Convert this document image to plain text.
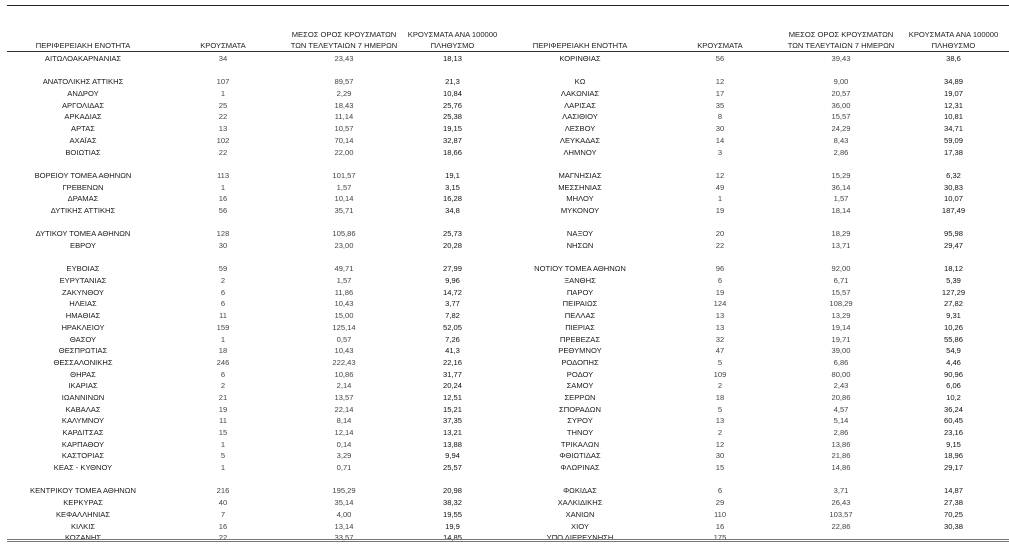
ΠΕΡΙΦΕΡΕΙΑΚΗ ΕΝΟΤΗΤΑ	ΚΡΟΥΣΜΑΤΑ
ΜΕΣΟΣ ΟΡΟΣ ΚΡΟΥΣΜΑΤΩΝ
ΤΩΝ ΤΕΛΕΥΤΑΙΩΝ 7 ΗΜΕΡΩΝ
ΚΡΟΥΣΜΑΤΑ ΑΝΑ 100000
ΠΛΗΘΥΣΜΟ
ΑΙΤΩΛΟΑΚΑΡΝΑΝΙΑΣ	34	23,43	18,13
ΑΝΑΤΟΛΙΚΗΣ ΑΤΤΙΚΗΣ	107	89,57	21,3
ΑΝΔΡΟΥ	1	2,29	10,84
ΑΡΓΟΛΙΔΑΣ	25	18,43	25,76
ΑΡΚΑΔΙΑΣ	22	11,14	25,38
ΑΡΤΑΣ	13	10,57	19,15
ΑΧΑΪΑΣ	102	70,14	32,87
ΒΟΙΩΤΙΑΣ	22	22,00	18,66
ΒΟΡΕΙΟΥ ΤΟΜΕΑ ΑΘΗΝΩΝ	113	101,57	19,1
ΓΡΕΒΕΝΩΝ	1	1,57	3,15
ΔΡΑΜΑΣ	16	10,14	16,28
ΔΥΤΙΚΗΣ ΑΤΤΙΚΗΣ	56	35,71	34,8
ΔΥΤΙΚΟΥ ΤΟΜΕΑ ΑΘΗΝΩΝ	128	105,86	25,73
ΕΒΡΟΥ	30	23,00	20,28
ΕΥΒΟΙΑΣ	59	49,71	27,99
ΕΥΡΥΤΑΝΙΑΣ	2	1,57	9,96
ΖΑΚΥΝΘΟΥ	6	11,86	14,72
ΗΛΕΙΑΣ	6	10,43	3,77
ΗΜΑΘΙΑΣ	11	15,00	7,82
ΗΡΑΚΛΕΙΟΥ	159	125,14	52,05
ΘΑΣΟΥ	1	0,57	7,26
ΘΕΣΠΡΩΤΙΑΣ	18	10,43	41,3
ΘΕΣΣΑΛΟΝΙΚΗΣ	246	222,43	22,16
ΘΗΡΑΣ	6	10,86	31,77
ΙΚΑΡΙΑΣ	2	2,14	20,24
ΙΩΑΝΝΙΝΩΝ	21	13,57	12,51
ΚΑΒΑΛΑΣ	19	22,14	15,21
ΚΑΛΥΜΝΟΥ	11	8,14	37,35
ΚΑΡΔΙΤΣΑΣ	15	12,14	13,21
ΚΑΡΠΑΘΟΥ	1	0,14	13,88
ΚΑΣΤΟΡΙΑΣ	5	3,29	9,94
ΚΕΑΣ - ΚΥΘΝΟΥ	1	0,71	25,57
ΚΕΝΤΡΙΚΟΥ ΤΟΜΕΑ ΑΘΗΝΩΝ	216	195,29	20,98
ΚΕΡΚΥΡΑΣ	40	35,14	38,32
ΚΕΦΑΛΛΗΝΙΑΣ	7	4,00	19,55
ΚΙΛΚΙΣ	16	13,14	19,9
ΚΟΖΑΝΗΣ	22	33,57	14,85
ΠΕΡΙΦΕΡΕΙΑΚΗ ΕΝΟΤΗΤΑ	ΚΡΟΥΣΜΑΤΑ
ΜΕΣΟΣ ΟΡΟΣ ΚΡΟΥΣΜΑΤΩΝ
ΤΩΝ ΤΕΛΕΥΤΑΙΩΝ 7 ΗΜΕΡΩΝ
ΚΡΟΥΣΜΑΤΑ ΑΝΑ 100000
ΠΛΗΘΥΣΜΟ
ΚΟΡΙΝΘΙΑΣ	56	39,43	38,6
ΚΩ	12	9,00	34,89
ΛΑΚΩΝΙΑΣ	17	20,57	19,07
ΛΑΡΙΣΑΣ	35	36,00	12,31
ΛΑΣΙΘΙΟΥ	8	15,57	10,81
ΛΕΣΒΟΥ	30	24,29	34,71
ΛΕΥΚΑΔΑΣ	14	8,43	59,09
ΛΗΜΝΟΥ	3	2,86	17,38
ΜΑΓΝΗΣΙΑΣ	12	15,29	6,32
ΜΕΣΣΗΝΙΑΣ	49	36,14	30,83
ΜΗΛΟΥ	1	1,57	10,07
ΜΥΚΟΝΟΥ	19	18,14	187,49
ΝΑΞΟΥ	20	18,29	95,98
ΝΗΣΩΝ	22	13,71	29,47
ΝΟΤΙΟΥ ΤΟΜΕΑ ΑΘΗΝΩΝ	96	92,00	18,12
ΞΑΝΘΗΣ	6	6,71	5,39
ΠΑΡΟΥ	19	15,57	127,29
ΠΕΙΡΑΙΩΣ	124	108,29	27,82
ΠΕΛΛΑΣ	13	13,29	9,31
ΠΙΕΡΙΑΣ	13	19,14	10,26
ΠΡΕΒΕΖΑΣ	32	19,71	55,86
ΡΕΘΥΜΝΟΥ	47	39,00	54,9
ΡΟΔΟΠΗΣ	5	6,86	4,46
ΡΟΔΟΥ	109	80,00	90,96
ΣΑΜΟΥ	2	2,43	6,06
ΣΕΡΡΩΝ	18	20,86	10,2
ΣΠΟΡΑΔΩΝ	5	4,57	36,24
ΣΥΡΟΥ	13	5,14	60,45
ΤΗΝΟΥ	2	2,86	23,16
ΤΡΙΚΑΛΩΝ	12	13,86	9,15
ΦΘΙΩΤΙΔΑΣ	30	21,86	18,96
ΦΛΩΡΙΝΑΣ	15	14,86	29,17
ΦΩΚΙΔΑΣ	6	3,71	14,87
ΧΑΛΚΙΔΙΚΗΣ	29	26,43	27,38
ΧΑΝΙΩΝ	110	103,57	70,25
ΧΙΟΥ	16	22,86	30,38
ΥΠΟ ΔΙΕΡΕΥΝΗΣΗ	175
